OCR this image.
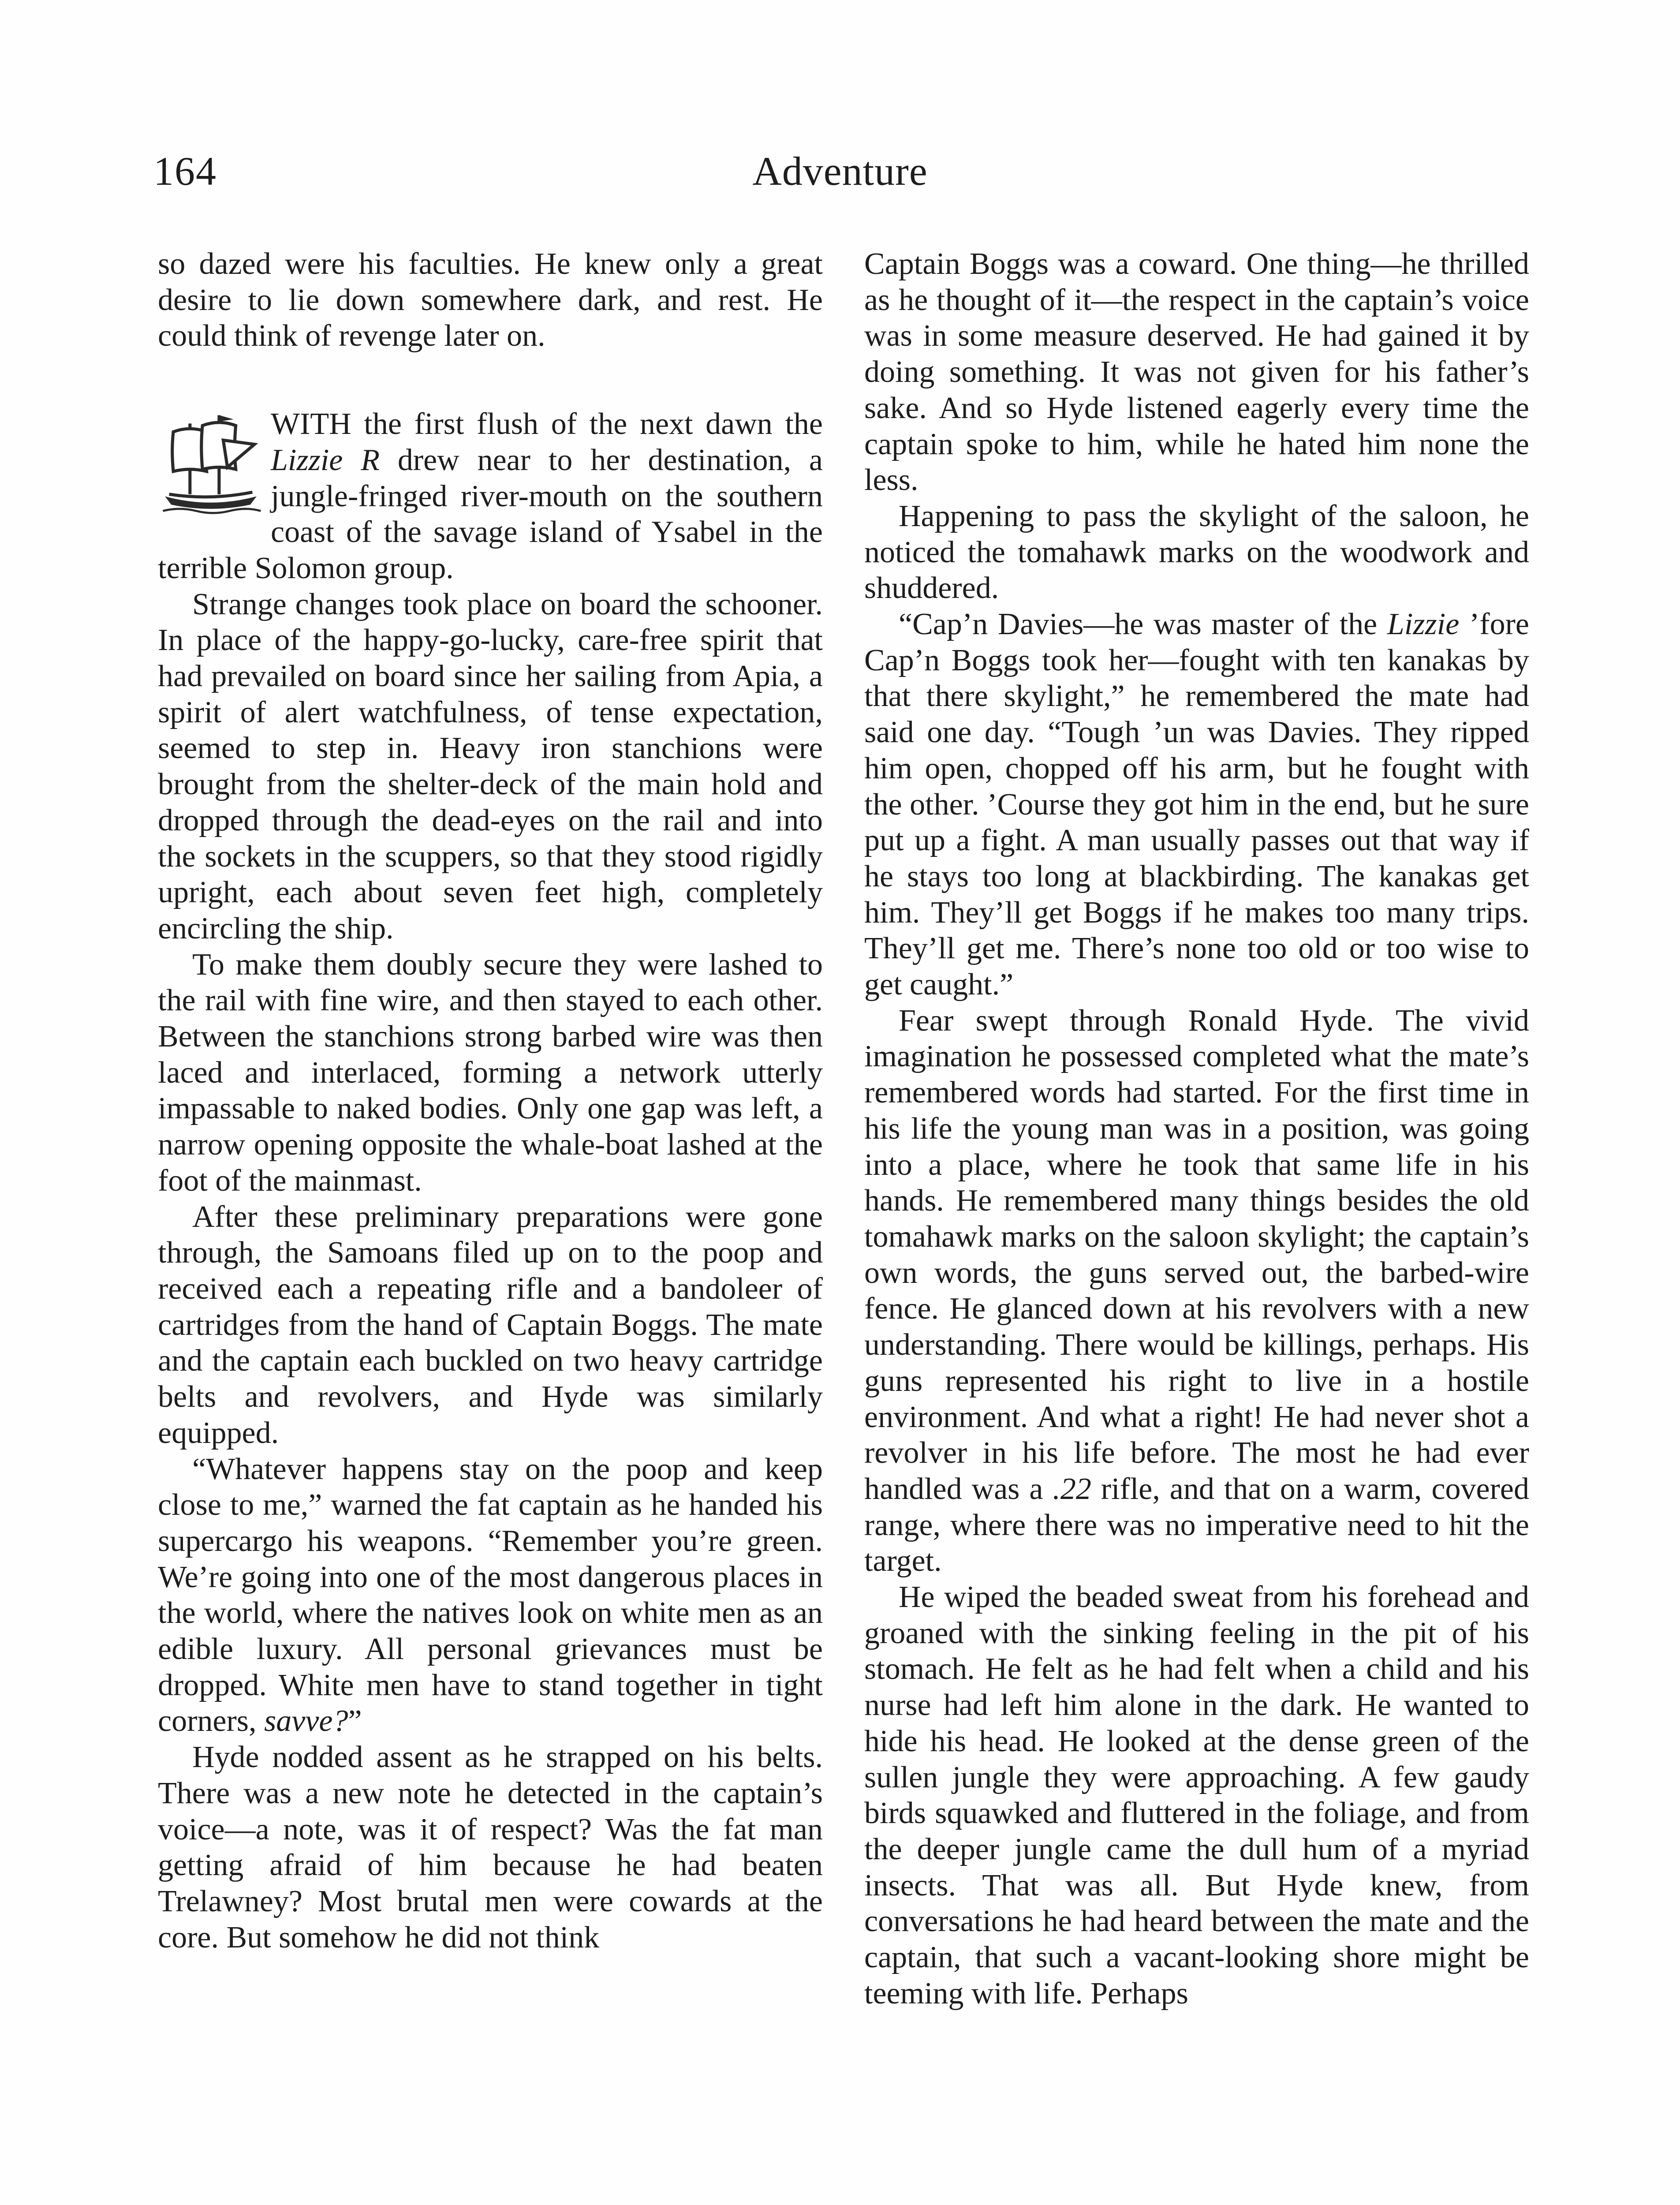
164	Adventure

so dazed were his faculties. He knew only a great desire to lie down somewhere dark, and rest. He could think of revenge later on.

WITH the first flush of the next dawn the Lizzie R drew near to her destination, a jungle-fringed river-mouth on the southern coast of the savage island of Ysabel in the terrible Solomon group.

Strange changes took place on board the schooner. In place of the happy-go-lucky, care-free spirit that had prevailed on board since her sailing from Apia, a spirit of alert watchfulness, of tense expectation, seemed to step in. Heavy iron stanchions were brought from the shelter-deck of the main hold and dropped through the dead-eyes on the rail and into the sockets in the scuppers, so that they stood rigidly upright, each about seven feet high, completely encircling the ship.

To make them doubly secure they were lashed to the rail with fine wire, and then stayed to each other. Between the stanchions strong barbed wire was then laced and interlaced, forming a network utterly impassable to naked bodies. Only one gap was left, a narrow opening opposite the whale-boat lashed at the foot of the mainmast.

After these preliminary preparations were gone through, the Samoans filed up on to the poop and received each a repeating rifle and a bandoleer of cartridges from the hand of Captain Boggs. The mate and the captain each buckled on two heavy cartridge belts and revolvers, and Hyde was similarly equipped.

“Whatever happens stay on the poop and keep close to me,” warned the fat captain as he handed his supercargo his weapons. “Remember you’re green. We’re going into one of the most dangerous places in the world, where the natives look on white men as an edible luxury. All personal grievances must be dropped. White men have to stand together in tight corners, savve?”

Hyde nodded assent as he strapped on his belts. There was a new note he detected in the captain’s voice—a note, was it of respect? Was the fat man getting afraid of him because he had beaten Trelawney? Most brutal men were cowards at the core. But somehow he did not think

Captain Boggs was a coward. One thing—he thrilled as he thought of it—the respect in the captain’s voice was in some measure deserved. He had gained it by doing something. It was not given for his father’s sake. And so Hyde listened eagerly every time the captain spoke to him, while he hated him none the less.

Happening to pass the skylight of the saloon, he noticed the tomahawk marks on the woodwork and shuddered.

“Cap’n Davies—he was master of the Lizzie ’fore Cap’n Boggs took her—fought with ten kanakas by that there skylight,” he remembered the mate had said one day. “Tough ’un was Davies. They ripped him open, chopped off his arm, but he fought with the other. ’Course they got him in the end, but he sure put up a fight. A man usually passes out that way if he stays too long at blackbirding. The kanakas get him. They’ll get Boggs if he makes too many trips. They’ll get me. There’s none too old or too wise to get caught.”

Fear swept through Ronald Hyde. The vivid imagination he possessed completed what the mate’s remembered words had started. For the first time in his life the young man was in a position, was going into a place, where he took that same life in his hands. He remembered many things besides the old tomahawk marks on the saloon skylight; the captain’s own words, the guns served out, the barbed-wire fence. He glanced down at his revolvers with a new understanding. There would be killings, perhaps. His guns represented his right to live in a hostile environment. And what a right! He had never shot a revolver in his life before. The most he had ever handled was a .22 rifle, and that on a warm, covered range, where there was no imperative need to hit the target.

He wiped the beaded sweat from his forehead and groaned with the sinking feeling in the pit of his stomach. He felt as he had felt when a child and his nurse had left him alone in the dark. He wanted to hide his head. He looked at the dense green of the sullen jungle they were approaching. A few gaudy birds squawked and fluttered in the foliage, and from the deeper jungle came the dull hum of a myriad insects. That was all. But Hyde knew, from conversations he had heard between the mate and the captain, that such a vacant-looking shore might be teeming with life. Perhaps
